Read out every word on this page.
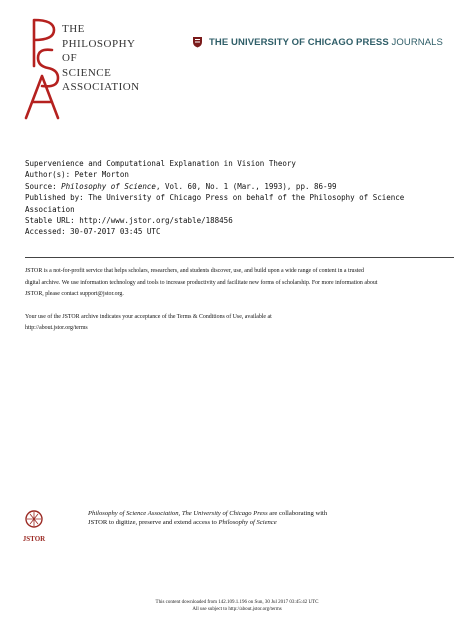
THE
PHILOSOPHY
OF
SCIENCE
ASSOCIATION
THE UNIVERSITY OF CHICAGO PRESS JOURNALS
Supervenience and Computational Explanation in Vision Theory
Author(s): Peter Morton
Source: Philosophy of Science, Vol. 60, No. 1 (Mar., 1993), pp. 86-99
Published by: The University of Chicago Press on behalf of the Philosophy of Science
Association
Stable URL: http://www.jstor.org/stable/188456
Accessed: 30-07-2017 03:45 UTC

JSTOR is a not-for-profit service that helps scholars, researchers, and students discover, use, and build upon a wide range of content in a trusted
digital archive. We use information technology and tools to increase productivity and facilitate new forms of scholarship. For more information about
JSTOR, please contact support@jstor.org.

Your use of the JSTOR archive indicates your acceptance of the Terms & Conditions of Use, available at
http://about.jstor.org/terms

JSTOR
Philosophy of Science Association, The University of Chicago Press are collaborating with
JSTOR to digitize, preserve and extend access to Philosophy of Science
This content downloaded from 142.109.1.196 on Sun, 30 Jul 2017 03:45:42 UTC
All use subject to http://about.jstor.org/terms
